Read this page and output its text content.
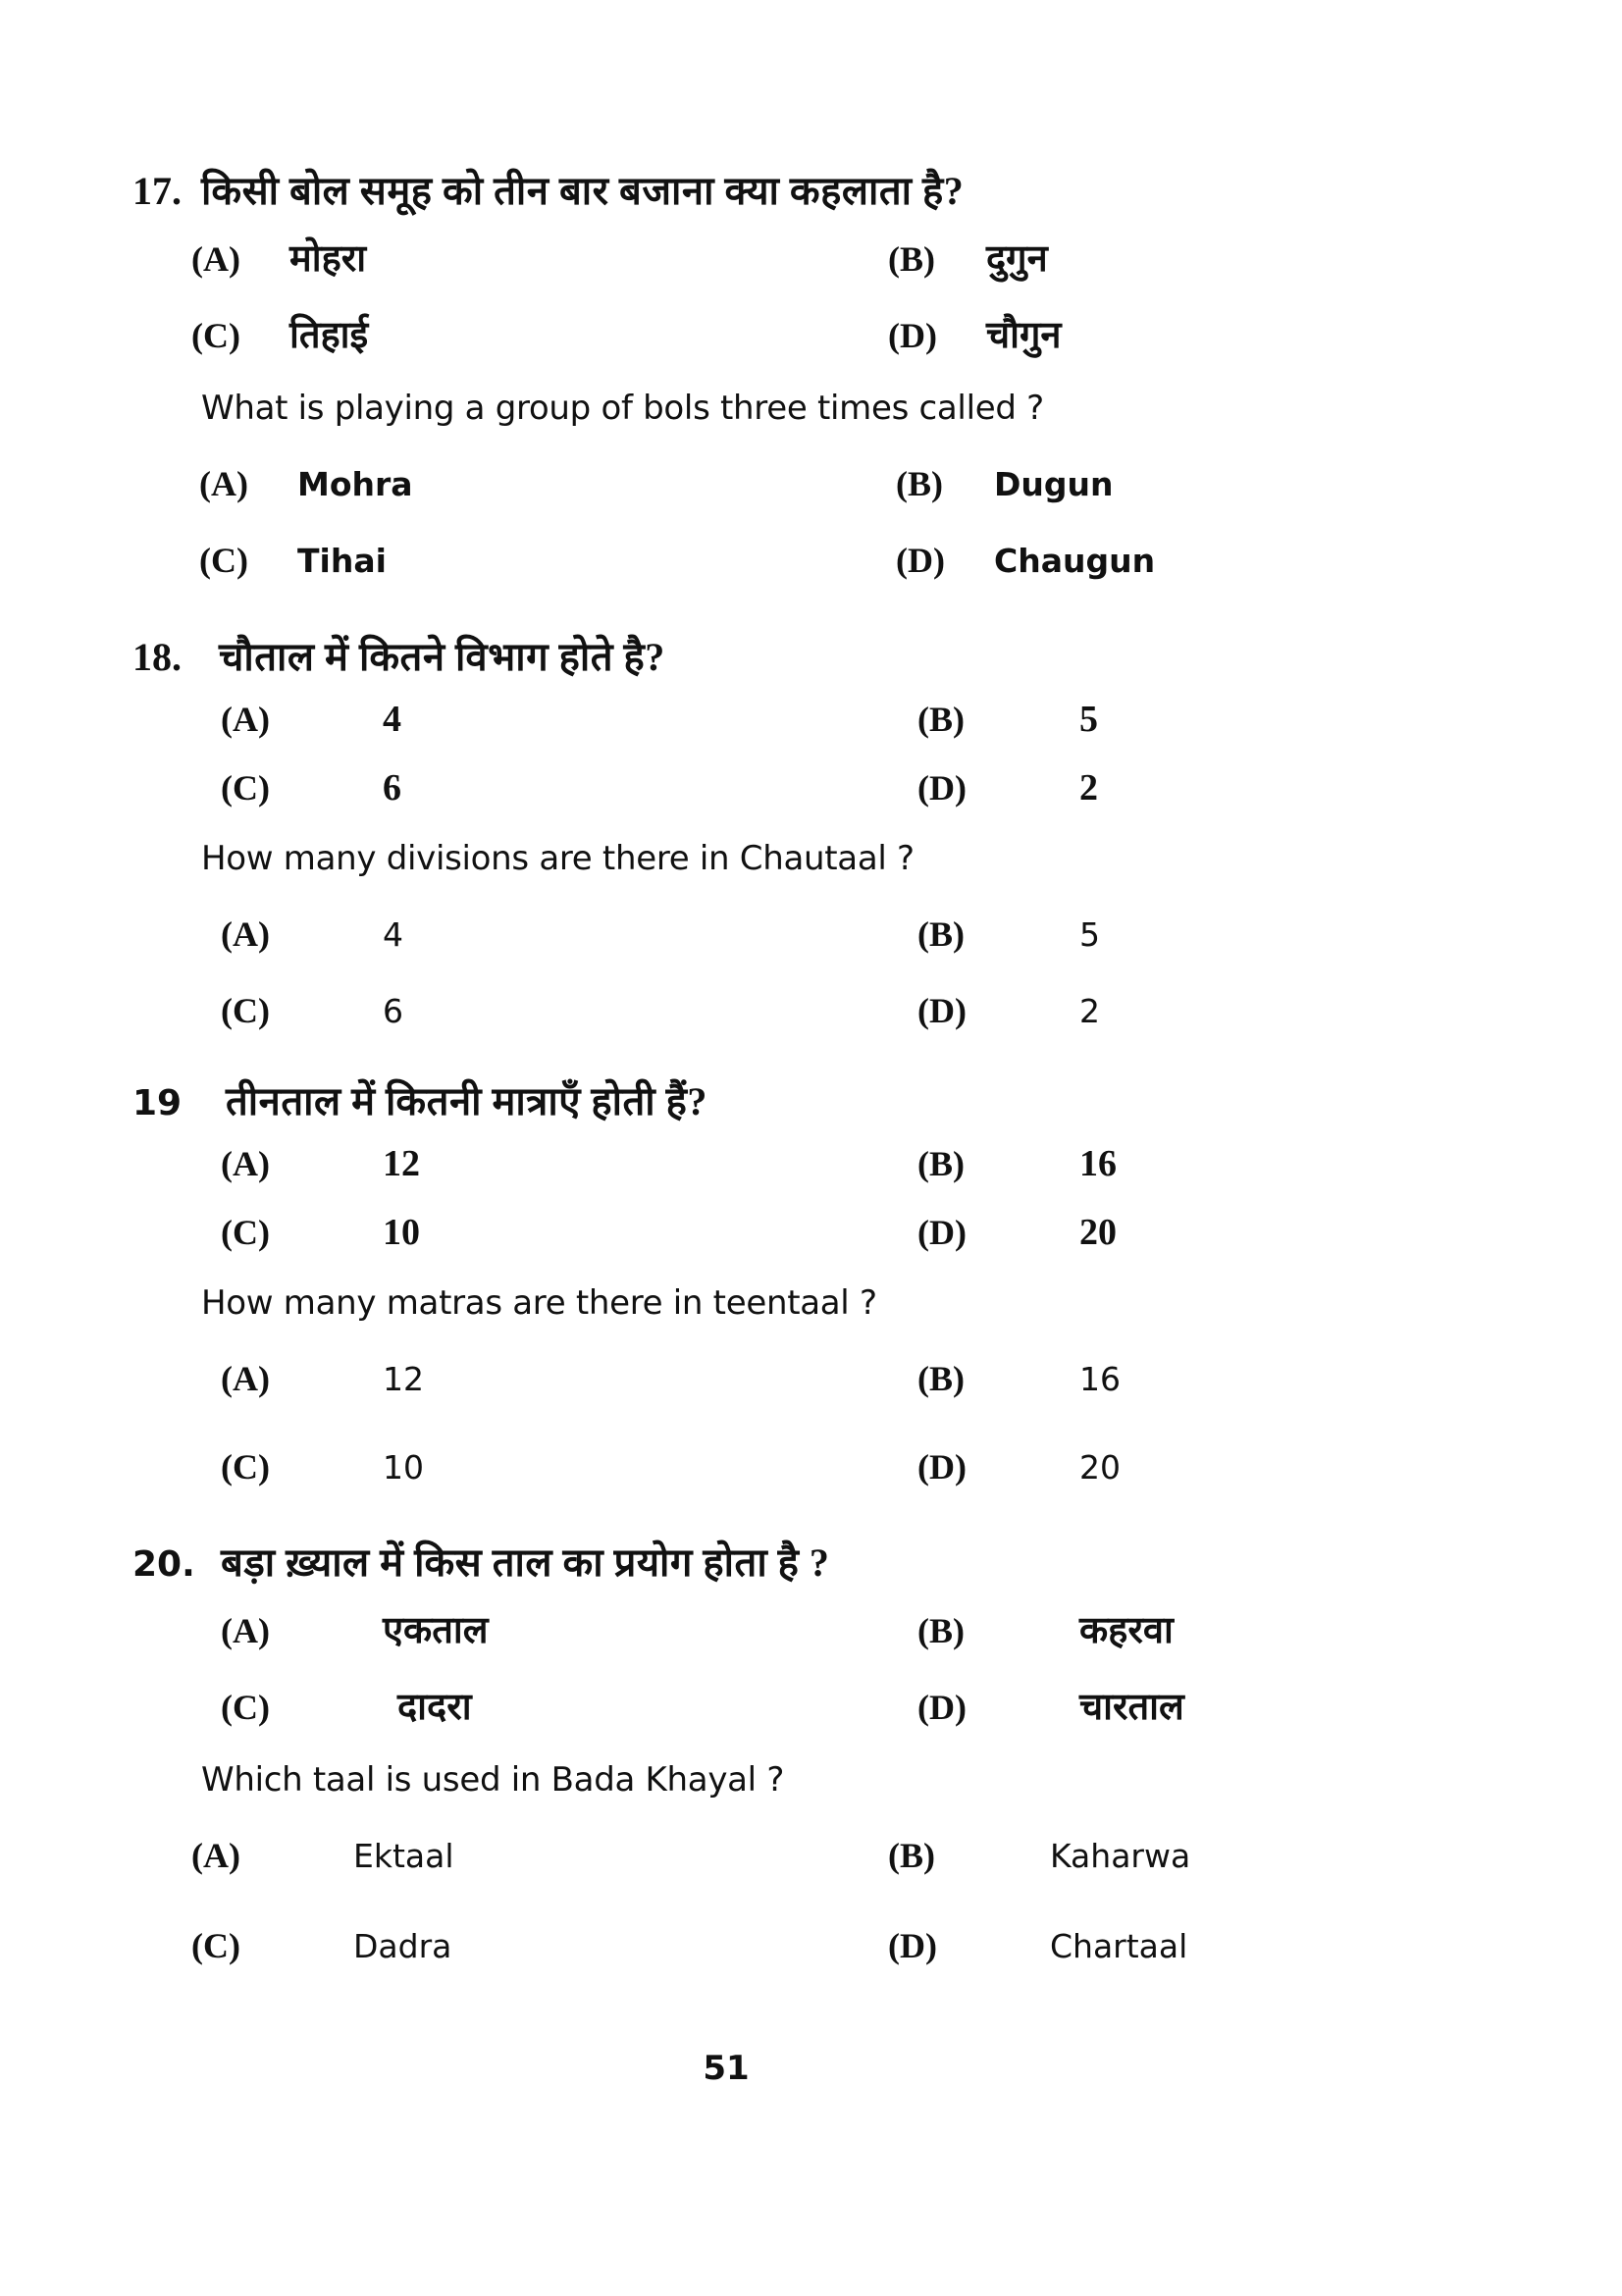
17. किसी बोल समूह को तीन बार बजाना क्या कहलाता है?
(A)	मोहरा	(B)	दुगुन
(C)	तिहाई	(D)	चौगुन
What is playing a group of bols three times called ?
(A)	Mohra	(B)	Dugun
(C)	Tihai	(D)	Chaugun
18. चौताल में कितने विभाग होते है?
(A)	4	(B)	5
(C)	6	(D)	2
How many divisions are there in Chautaal ?
(A)	4	(B)	5
(C)	6	(D)	2
19	तीनताल में कितनी मात्राएँ होती हैं?
(A)	12	(B)	16
(C)	10	(D)	20
How many matras are there in teentaal ?
(A)	12	(B)	16
(C)	10	(D)	20
20. बड़ा ख़्याल में किस ताल का प्रयोग होता है ?
(A)	एकताल	(B)	कहरवा
(C)	दादरा	(D)	चारताल
Which taal is used in Bada Khayal ?
(A)	Ektaal	(B)	Kaharwa
(C)	Dadra	(D)	Chartaal
51
